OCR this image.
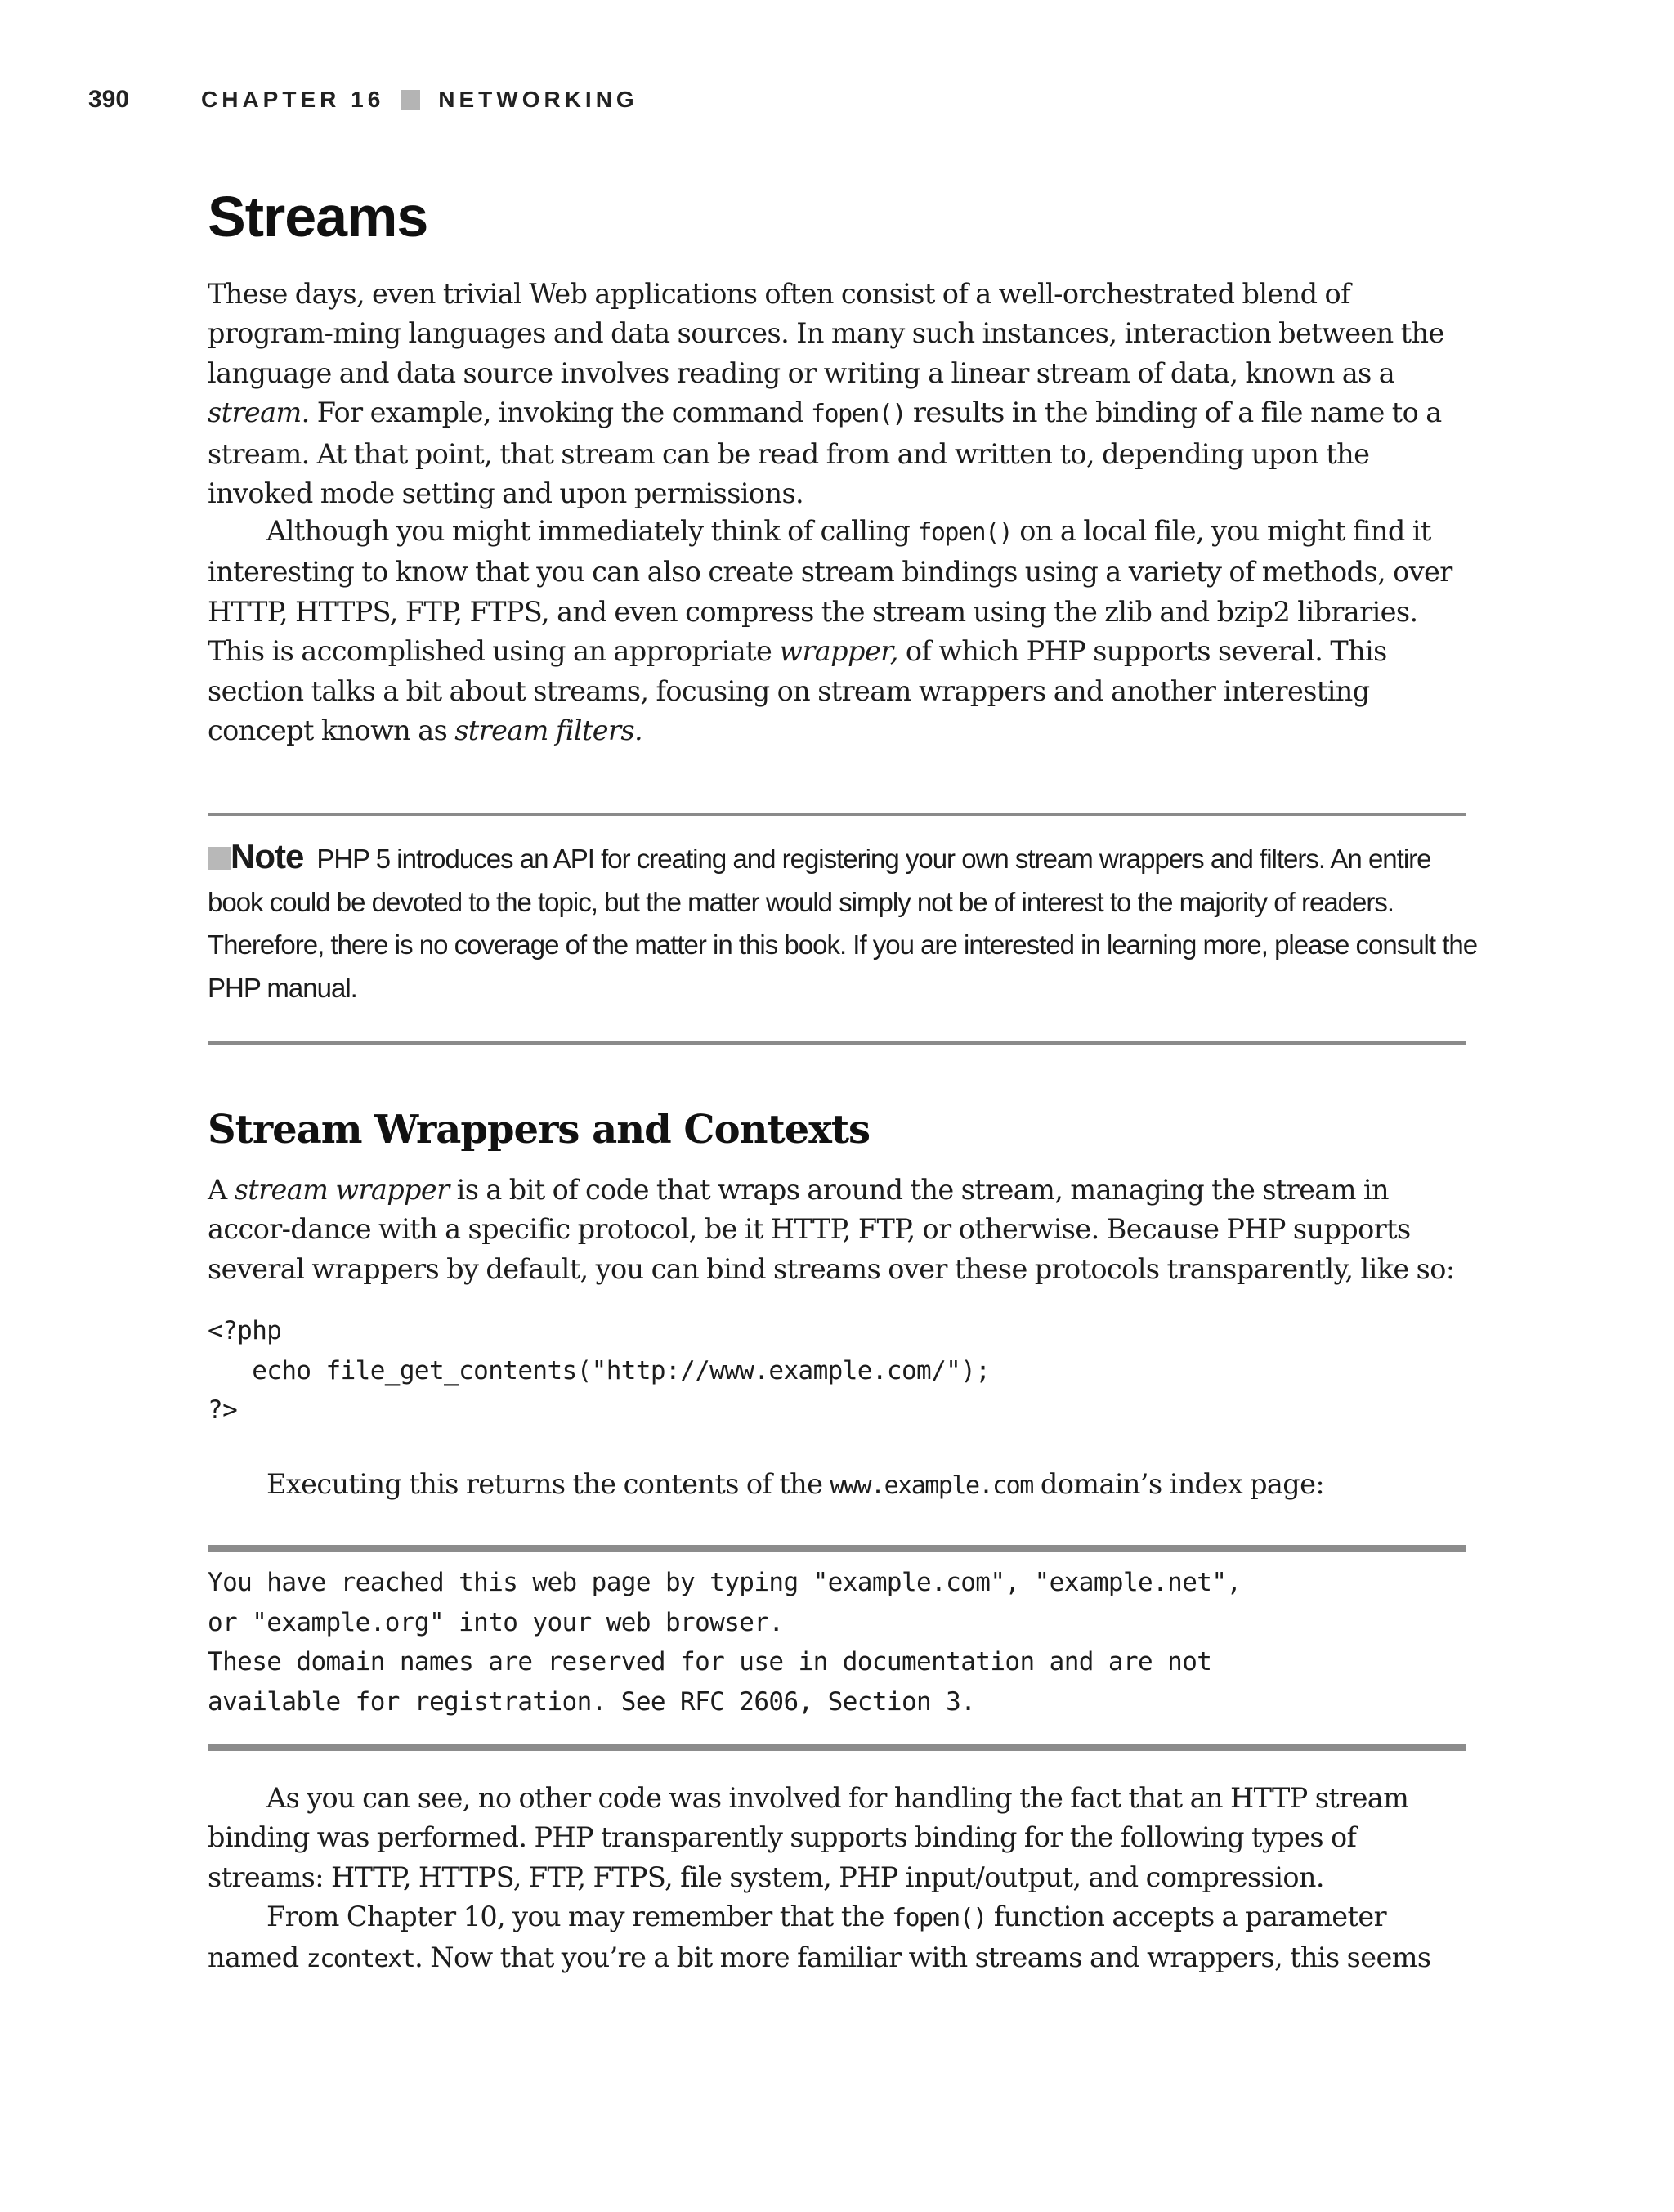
390	CHAPTER 16 NETWORKING
Streams

These days, even trivial Web applications often consist of a well-orchestrated blend of program-ming languages and data sources. In many such instances, interaction between the language and data source involves reading or writing a linear stream of data, known as a stream. For example, invoking the command fopen() results in the binding of a file name to a stream. At that point, that stream can be read from and written to, depending upon the invoked mode setting and upon permissions.

Although you might immediately think of calling fopen() on a local file, you might find it interesting to know that you can also create stream bindings using a variety of methods, over HTTP, HTTPS, FTP, FTPS, and even compress the stream using the zlib and bzip2 libraries. This is accomplished using an appropriate wrapper, of which PHP supports several. This section talks a bit about streams, focusing on stream wrappers and another interesting concept known as stream filters.

Note PHP 5 introduces an API for creating and registering your own stream wrappers and filters. An entire book could be devoted to the topic, but the matter would simply not be of interest to the majority of readers. Therefore, there is no coverage of the matter in this book. If you are interested in learning more, please consult the PHP manual.

Stream Wrappers and Contexts

A stream wrapper is a bit of code that wraps around the stream, managing the stream in accor-dance with a specific protocol, be it HTTP, FTP, or otherwise. Because PHP supports several wrappers by default, you can bind streams over these protocols transparently, like so:

<?php
echo file_get_contents("http://www.example.com/");
?>

Executing this returns the contents of the www.example.com domain’s index page:

You have reached this web page by typing "example.com", "example.net",
or "example.org" into your web browser.
These domain names are reserved for use in documentation and are not
available for registration. See RFC 2606, Section 3.

As you can see, no other code was involved for handling the fact that an HTTP stream binding was performed. PHP transparently supports binding for the following types of streams: HTTP, HTTPS, FTP, FTPS, file system, PHP input/output, and compression.

From Chapter 10, you may remember that the fopen() function accepts a parameter named zcontext. Now that you’re a bit more familiar with streams and wrappers, this seems
